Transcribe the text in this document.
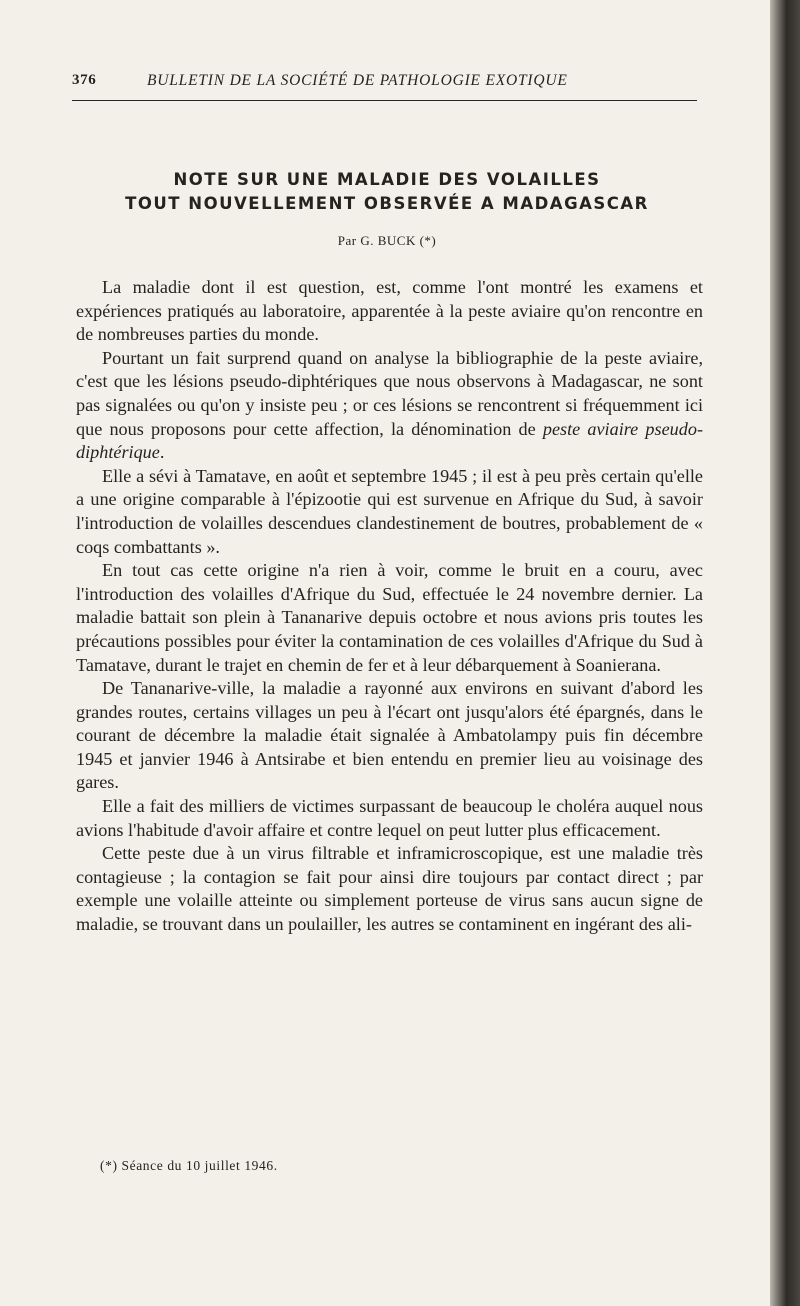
376	BULLETIN DE LA SOCIÉTÉ DE PATHOLOGIE EXOTIQUE
NOTE SUR UNE MALADIE DES VOLAILLES
TOUT NOUVELLEMENT OBSERVÉE A MADAGASCAR
Par G. BUCK (*)

La maladie dont il est question, est, comme l'ont montré les examens et expériences pratiqués au laboratoire, apparentée à la peste aviaire qu'on rencontre en de nombreuses parties du monde.

Pourtant un fait surprend quand on analyse la bibliographie de la peste aviaire, c'est que les lésions pseudo-diphtériques que nous observons à Madagascar, ne sont pas signalées ou qu'on y insiste peu ; or ces lésions se rencontrent si fréquemment ici que nous proposons pour cette affection, la dénomination de peste aviaire pseudo-diphtérique.

Elle a sévi à Tamatave, en août et septembre 1945 ; il est à peu près certain qu'elle a une origine comparable à l'épizootie qui est survenue en Afrique du Sud, à savoir l'introduction de volailles descendues clandestinement de boutres, probablement de « coqs combattants ».

En tout cas cette origine n'a rien à voir, comme le bruit en a couru, avec l'introduction des volailles d'Afrique du Sud, effectuée le 24 novembre dernier. La maladie battait son plein à Tananarive depuis octobre et nous avions pris toutes les précautions possibles pour éviter la contamination de ces volailles d'Afrique du Sud à Tamatave, durant le trajet en chemin de fer et à leur débarquement à Soanierana.

De Tananarive-ville, la maladie a rayonné aux environs en suivant d'abord les grandes routes, certains villages un peu à l'écart ont jusqu'alors été épargnés, dans le courant de décembre la maladie était signalée à Ambatolampy puis fin décembre 1945 et janvier 1946 à Antsirabe et bien entendu en premier lieu au voisinage des gares.

Elle a fait des milliers de victimes surpassant de beaucoup le choléra auquel nous avions l'habitude d'avoir affaire et contre lequel on peut lutter plus efficacement.

Cette peste due à un virus filtrable et inframicroscopique, est une maladie très contagieuse ; la contagion se fait pour ainsi dire toujours par contact direct ; par exemple une volaille atteinte ou simplement porteuse de virus sans aucun signe de maladie, se trouvant dans un poulailler, les autres se contaminent en ingérant des ali-

(*) Séance du 10 juillet 1946.
